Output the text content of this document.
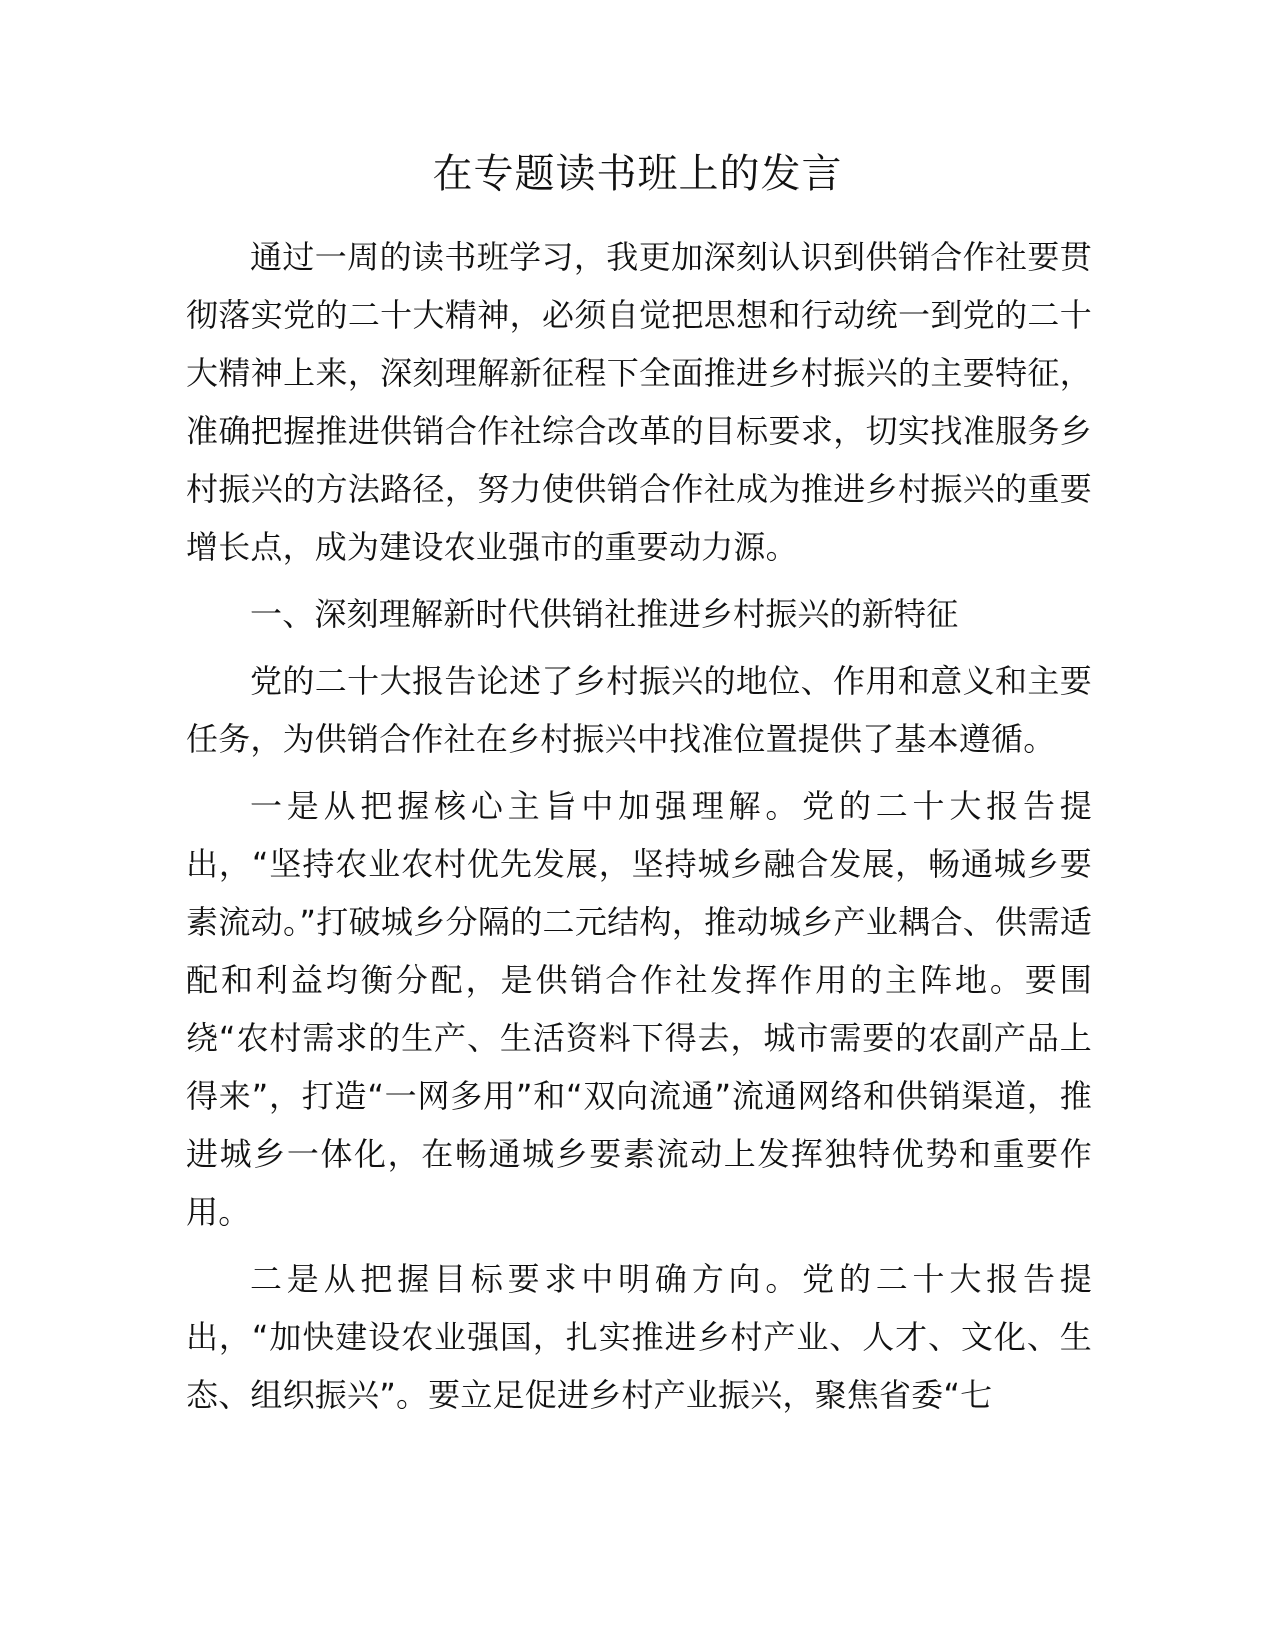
在专题读书班上的发言

通过一周的读书班学习，我更加深刻认识到供销合作社要贯彻落实党的二十大精神，必须自觉把思想和行动统一到党的二十大精神上来，深刻理解新征程下全面推进乡村振兴的主要特征，准确把握推进供销合作社综合改革的目标要求，切实找准服务乡村振兴的方法路径，努力使供销合作社成为推进乡村振兴的重要增长点，成为建设农业强市的重要动力源。

一、深刻理解新时代供销社推进乡村振兴的新特征

党的二十大报告论述了乡村振兴的地位、作用和意义和主要任务，为供销合作社在乡村振兴中找准位置提供了基本遵循。

一是从把握核心主旨中加强理解。党的二十大报告提出，“坚持农业农村优先发展，坚持城乡融合发展，畅通城乡要素流动。”打破城乡分隔的二元结构，推动城乡产业耦合、供需适配和利益均衡分配，是供销合作社发挥作用的主阵地。要围绕“农村需求的生产、生活资料下得去，城市需要的农副产品上得来”，打造“一网多用”和“双向流通”流通网络和供销渠道，推进城乡一体化，在畅通城乡要素流动上发挥独特优势和重要作用。

二是从把握目标要求中明确方向。党的二十大报告提出，“加快建设农业强国，扎实推进乡村产业、人才、文化、生态、组织振兴”。要立足促进乡村产业振兴，聚焦省委“七
